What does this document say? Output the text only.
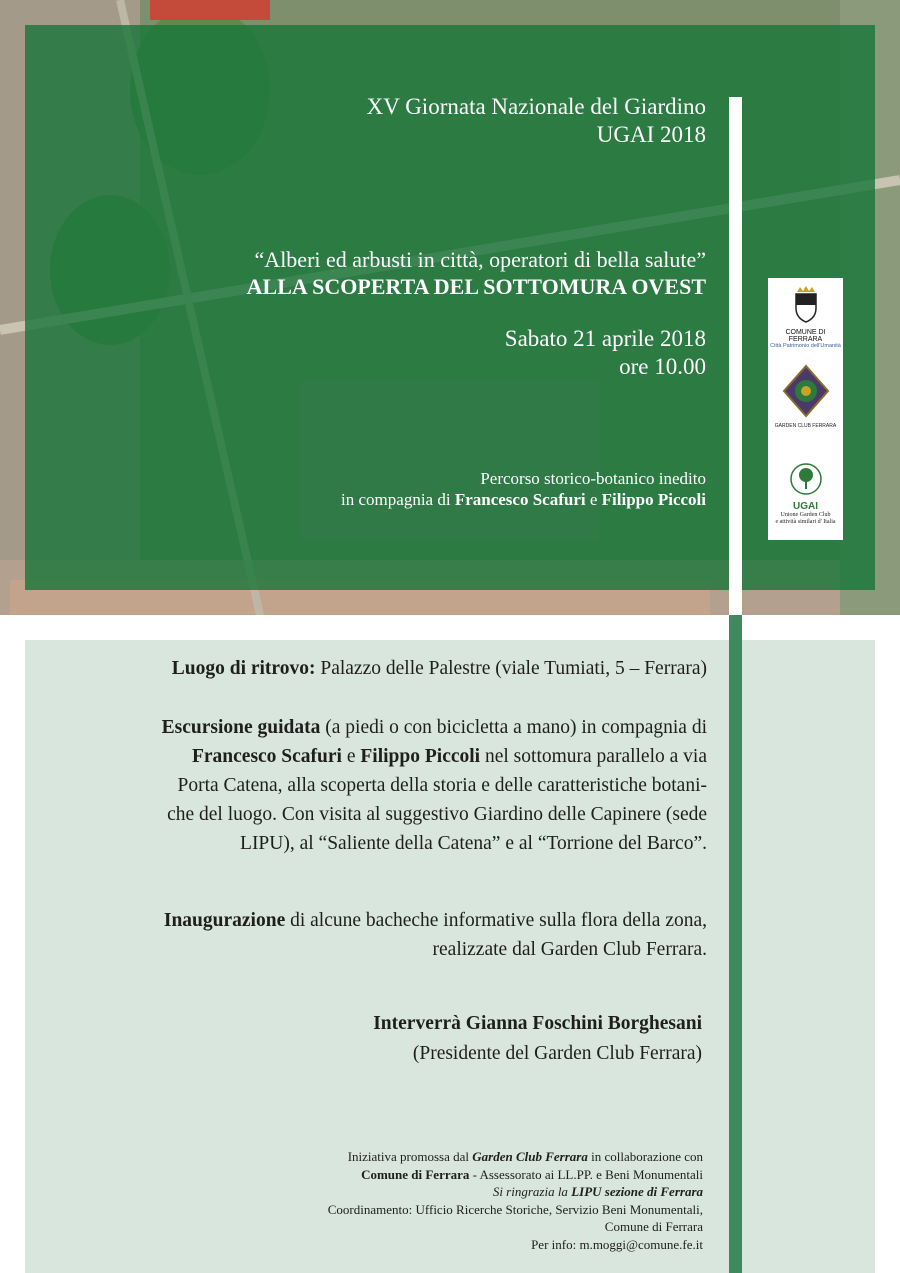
XV Giornata Nazionale del Giardino
UGAI 2018
“Alberi ed arbusti in città, operatori di bella salute”
ALLA SCOPERTA DEL SOTTOMURA OVEST
Sabato 21 aprile 2018
ore 10.00
Percorso storico-botanico inedito
in compagnia di Francesco Scafuri e Filippo Piccoli
COMUNE DI FERRARA
Città Patrimonio dell'Umanità
GARDEN CLUB FERRARA
UGAI
Unione Garden Club
e attività similari d' Italia
Luogo di ritrovo: Palazzo delle Palestre (viale Tumiati, 5 – Ferrara)
Escursione guidata (a piedi o con bicicletta a mano) in compagnia di
Francesco Scafuri e Filippo Piccoli nel sottomura parallelo a via
Porta Catena, alla scoperta della storia e delle caratteristiche botani-
che del luogo. Con visita al suggestivo Giardino delle Capinere (sede
LIPU), al “Saliente della Catena” e al “Torrione del Barco”.
Inaugurazione di alcune bacheche informative sulla flora della zona,
realizzate dal Garden Club Ferrara.
Interverrà Gianna Foschini Borghesani
(Presidente del Garden Club Ferrara)
Iniziativa promossa dal Garden Club Ferrara in collaborazione con
Comune di Ferrara - Assessorato ai LL.PP. e Beni Monumentali
Si ringrazia la LIPU sezione di Ferrara
Coordinamento: Ufficio Ricerche Storiche, Servizio Beni Monumentali,
Comune di Ferrara
Per info: m.moggi@comune.fe.it
